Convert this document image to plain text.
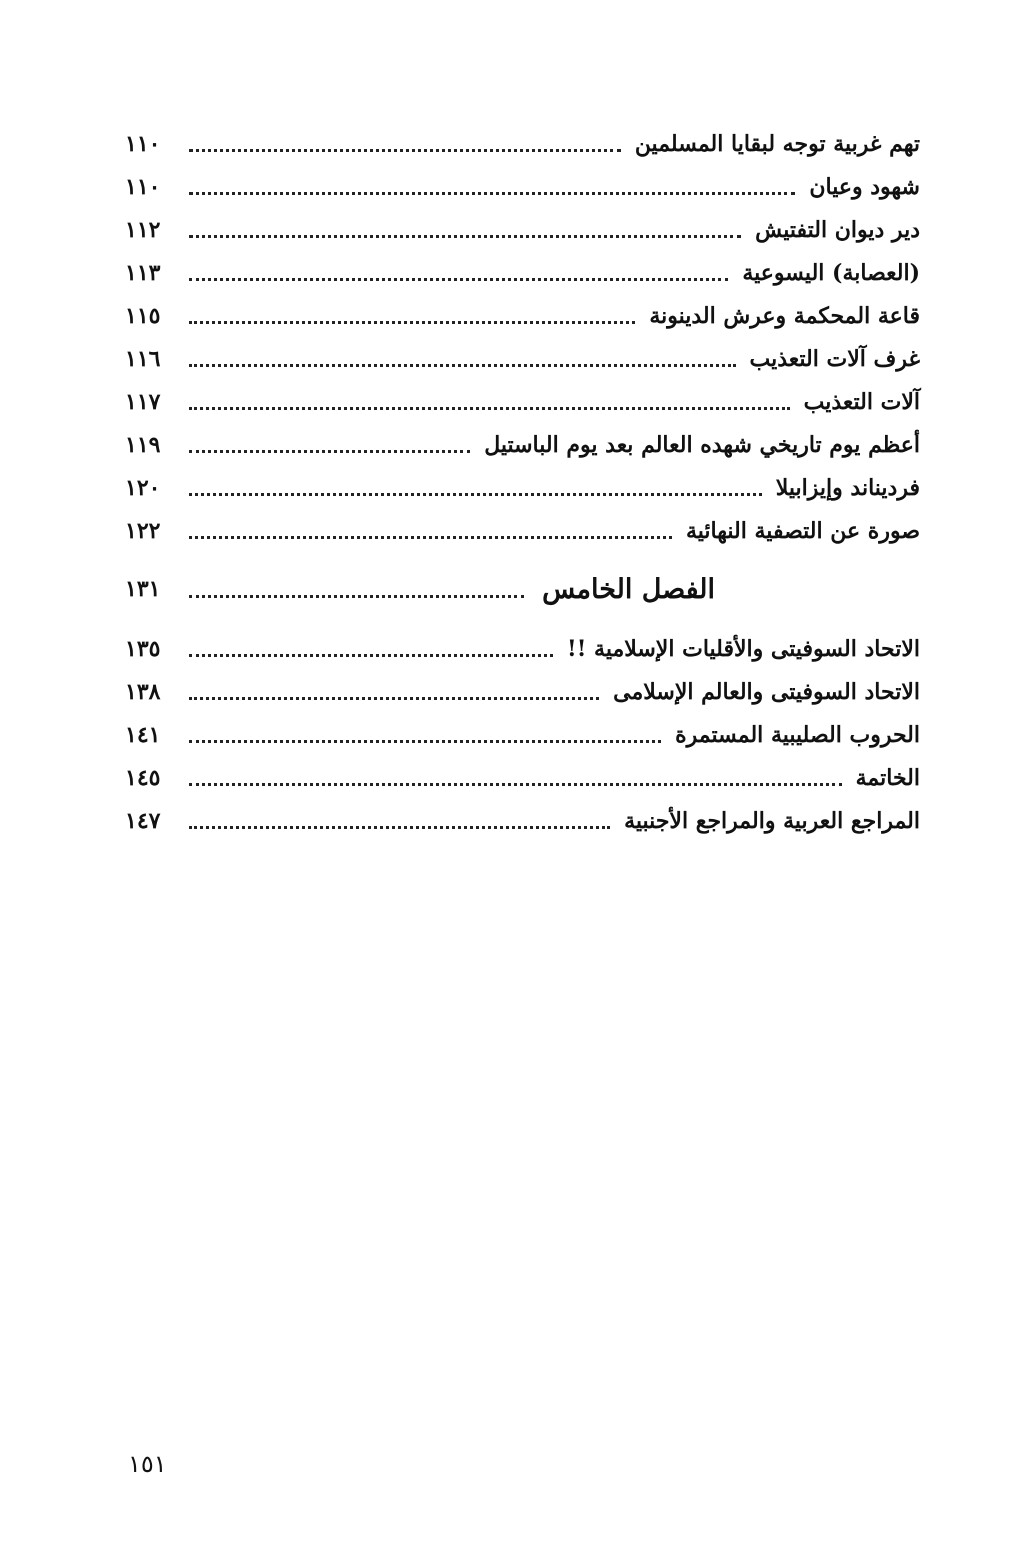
تهم غربية توجه لبقايا المسلمين
١١٠
شهود وعيان
١١٠
دير ديوان التفتيش
١١٢
(العصابة) اليسوعية
١١٣
قاعة المحكمة وعرش الدينونة
١١٥
غرف آلات التعذيب
١١٦
آلات التعذيب
١١٧
أعظم يوم تاريخي شهده العالم بعد يوم الباستيل
١١٩
فرديناند وإيزابيلا
١٢٠
صورة عن التصفية النهائية
١٢٢
الفصل الخامس
١٣١
الاتحاد السوفيتى والأقليات الإسلامية !!
١٣٥
الاتحاد السوفيتى والعالم الإسلامى
١٣٨
الحروب الصليبية المستمرة
١٤١
الخاتمة
١٤٥
المراجع العربية والمراجع الأجنبية
١٤٧
١٥١
